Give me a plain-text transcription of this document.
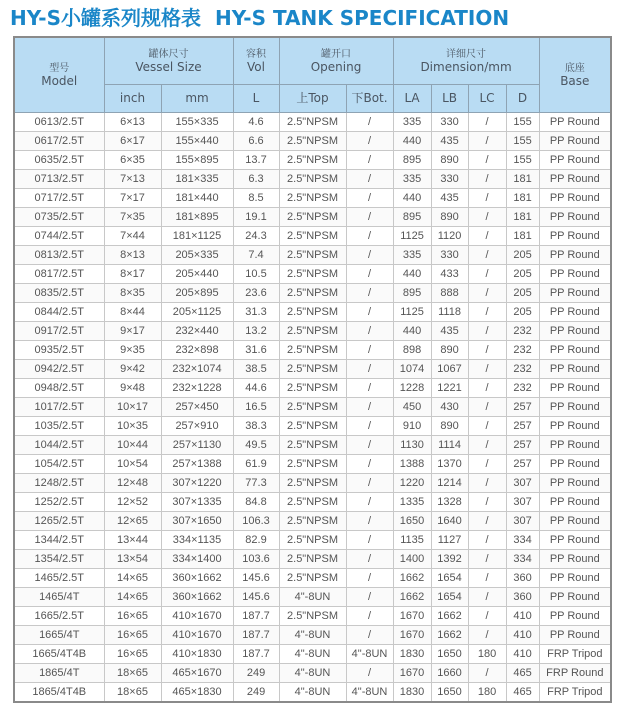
HY-S小罐系列规格表 HY-S TANK SPECIFICATION
型号
Model	罐体尺寸
Vessel Size		容积
Vol	罐开口
Opening		详细尺寸
Dimension/mm				底座
Base

	inch	mm	L	上Top	下Bot.	LA	LB	LC	D	
0613/2.5T	6×13	155×335	4.6	2.5"NPSM	/	335	330	/	155	PP Round
0617/2.5T	6×17	155×440	6.6	2.5"NPSM	/	440	435	/	155	PP Round
0635/2.5T	6×35	155×895	13.7	2.5"NPSM	/	895	890	/	155	PP Round
0713/2.5T	7×13	181×335	6.3	2.5"NPSM	/	335	330	/	181	PP Round
0717/2.5T	7×17	181×440	8.5	2.5"NPSM	/	440	435	/	181	PP Round
0735/2.5T	7×35	181×895	19.1	2.5"NPSM	/	895	890	/	181	PP Round
0744/2.5T	7×44	181×1125	24.3	2.5"NPSM	/	1125	1120	/	181	PP Round
0813/2.5T	8×13	205×335	7.4	2.5"NPSM	/	335	330	/	205	PP Round
0817/2.5T	8×17	205×440	10.5	2.5"NPSM	/	440	433	/	205	PP Round
0835/2.5T	8×35	205×895	23.6	2.5"NPSM	/	895	888	/	205	PP Round
0844/2.5T	8×44	205×1125	31.3	2.5"NPSM	/	1125	1118	/	205	PP Round
0917/2.5T	9×17	232×440	13.2	2.5"NPSM	/	440	435	/	232	PP Round
0935/2.5T	9×35	232×898	31.6	2.5"NPSM	/	898	890	/	232	PP Round
0942/2.5T	9×42	232×1074	38.5	2.5"NPSM	/	1074	1067	/	232	PP Round
0948/2.5T	9×48	232×1228	44.6	2.5"NPSM	/	1228	1221	/	232	PP Round
1017/2.5T	10×17	257×450	16.5	2.5"NPSM	/	450	430	/	257	PP Round
1035/2.5T	10×35	257×910	38.3	2.5"NPSM	/	910	890	/	257	PP Round
1044/2.5T	10×44	257×1130	49.5	2.5"NPSM	/	1130	1114	/	257	PP Round
1054/2.5T	10×54	257×1388	61.9	2.5"NPSM	/	1388	1370	/	257	PP Round
1248/2.5T	12×48	307×1220	77.3	2.5"NPSM	/	1220	1214	/	307	PP Round
1252/2.5T	12×52	307×1335	84.8	2.5"NPSM	/	1335	1328	/	307	PP Round
1265/2.5T	12×65	307×1650	106.3	2.5"NPSM	/	1650	1640	/	307	PP Round
1344/2.5T	13×44	334×1135	82.9	2.5"NPSM	/	1135	1127	/	334	PP Round
1354/2.5T	13×54	334×1400	103.6	2.5"NPSM	/	1400	1392	/	334	PP Round
1465/2.5T	14×65	360×1662	145.6	2.5"NPSM	/	1662	1654	/	360	PP Round
1465/4T	14×65	360×1662	145.6	4"-8UN	/	1662	1654	/	360	PP Round
1665/2.5T	16×65	410×1670	187.7	2.5"NPSM	/	1670	1662	/	410	PP Round
1665/4T	16×65	410×1670	187.7	4"-8UN	/	1670	1662	/	410	PP Round
1665/4T4B	16×65	410×1830	187.7	4"-8UN	4"-8UN	1830	1650	180	410	FRP Tripod
1865/4T	18×65	465×1670	249	4"-8UN	/	1670	1660	/	465	FRP Round
1865/4T4B	18×65	465×1830	249	4"-8UN	4"-8UN	1830	1650	180	465	FRP Tripod
